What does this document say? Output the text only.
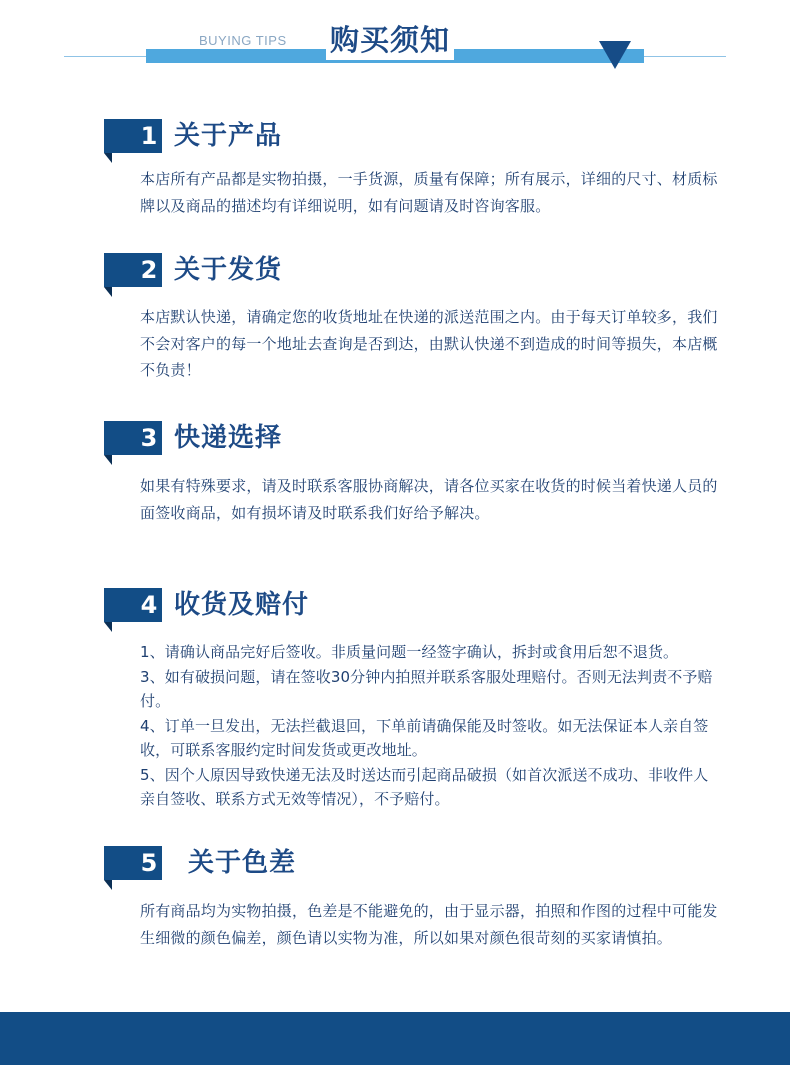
BUYING TIPS 购买须知
1 关于产品

本店所有产品都是实物拍摄，一手货源，质量有保障；所有展示，详细的尺寸、材质标牌以及商品的描述均有详细说明，如有问题请及时咨询客服。

2 关于发货

本店默认快递，请确定您的收货地址在快递的派送范围之内。由于每天订单较多，我们不会对客户的每一个地址去查询是否到达，由默认快递不到造成的时间等损失，本店概不负责！

3 快递选择

如果有特殊要求，请及时联系客服协商解决，请各位买家在收货的时候当着快递人员的面签收商品，如有损坏请及时联系我们好给予解决。

4 收货及赔付

1、请确认商品完好后签收。非质量问题一经签字确认，拆封或食用后恕不退货。

3、如有破损问题，请在签收30分钟内拍照并联系客服处理赔付。否则无法判责不予赔付。

4、订单一旦发出，无法拦截退回，下单前请确保能及时签收。如无法保证本人亲自签收，可联系客服约定时间发货或更改地址。

5、因个人原因导致快递无法及时送达而引起商品破损（如首次派送不成功、非收件人亲自签收、联系方式无效等情况），不予赔付。

5 关于色差

所有商品均为实物拍摄，色差是不能避免的，由于显示器，拍照和作图的过程中可能发生细微的颜色偏差，颜色请以实物为准，所以如果对颜色很苛刻的买家请慎拍。
